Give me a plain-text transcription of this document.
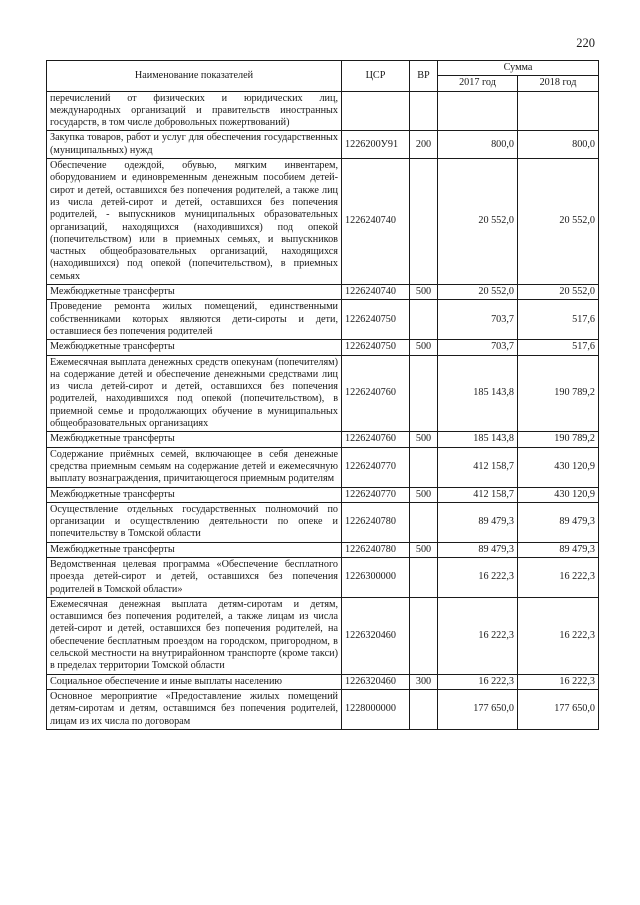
220
Наименование показателей	ЦСР	ВР	Сумма	
			2017 год	2018 год
перечислений от физических и юридических лиц, международных организаций и правительств иностранных государств, в том числе добровольных пожертвований)				
Закупка товаров, работ и услуг для обеспечения государственных (муниципальных) нужд	1226200У91	200	800,0	800,0
Обеспечение одеждой, обувью, мягким инвентарем, оборудованием и единовременным денежным пособием детей-сирот и детей, оставшихся без попечения родителей, а также лиц из числа детей-сирот и детей, оставшихся без попечения родителей, - выпускников муниципальных образовательных организаций, находящихся (находившихся) под опекой (попечительством) или в приемных семьях, и выпускников частных общеобразовательных организаций, находящихся (находившихся) под опекой (попечительством), в приемных семьях	1226240740		20 552,0	20 552,0
Межбюджетные трансферты	1226240740	500	20 552,0	20 552,0
Проведение ремонта жилых помещений, единственными собственниками которых являются дети-сироты и дети, оставшиеся без попечения родителей	1226240750		703,7	517,6
Межбюджетные трансферты	1226240750	500	703,7	517,6
Ежемесячная выплата денежных средств опекунам (попечителям) на содержание детей и обеспечение денежными средствами лиц из числа детей-сирот и детей, оставшихся без попечения родителей, находившихся под опекой (попечительством), в приемной семье и продолжающих обучение в муниципальных общеобразовательных организациях	1226240760		185 143,8	190 789,2
Межбюджетные трансферты	1226240760	500	185 143,8	190 789,2
Содержание приёмных семей, включающее в себя денежные средства приемным семьям на содержание детей и ежемесячную выплату вознаграждения, причитающегося приемным родителям	1226240770		412 158,7	430 120,9
Межбюджетные трансферты	1226240770	500	412 158,7	430 120,9
Осуществление отдельных государственных полномочий по организации и осуществлению деятельности по опеке и попечительству в Томской области	1226240780		89 479,3	89 479,3
Межбюджетные трансферты	1226240780	500	89 479,3	89 479,3
Ведомственная целевая программа «Обеспечение бесплатного проезда детей-сирот и детей, оставшихся без попечения родителей в Томской области»	1226300000		16 222,3	16 222,3
Ежемесячная денежная выплата детям-сиротам и детям, оставшимся без попечения родителей, а также лицам из числа детей-сирот и детей, оставшихся без попечения родителей, на обеспечение бесплатным проездом на городском, пригородном, в сельской местности на внутрирайонном транспорте (кроме такси) в пределах территории Томской области	1226320460		16 222,3	16 222,3
Социальное обеспечение и иные выплаты населению	1226320460	300	16 222,3	16 222,3
Основное мероприятие «Предоставление жилых помещений детям-сиротам и детям, оставшимся без попечения родителей, лицам из их числа по договорам	1228000000		177 650,0	177 650,0
